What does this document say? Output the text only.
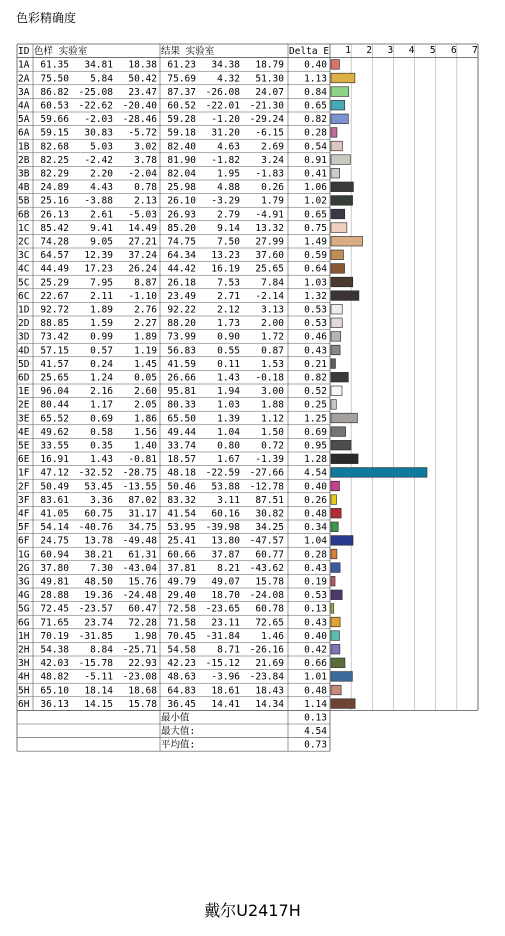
色彩精确度
ID 色样 实验室	结果 实验室	Delta E 1 2 3 4 5 6 7
1A 61.35 34.81 18.38 61.23 34.38 18.79 0.40
2A 75.50 5.84 50.42 75.69 4.32 51.30 1.13
3A 86.82 -25.08 23.47 87.37 -26.08 24.07 0.84
4A 60.53 -22.62 -20.40 60.52 -22.01 -21.30 0.65
5A 59.66 -2.03 -28.46 59.28 -1.20 -29.24 0.82
6A 59.15 30.83 -5.72 59.18 31.20 -6.15 0.28
1B 82.68 5.03 3.02 82.40 4.63 2.69 0.54
2B 82.25 -2.42 3.78 81.90 -1.82 3.24 0.91
3B 82.29 2.20 -2.04 82.04 1.95 -1.83 0.41
4B 24.89 4.43 0.78 25.98 4.88 0.26 1.06
5B 25.16 -3.88 2.13 26.10 -3.29 1.79 1.02
6B 26.13 2.61 -5.03 26.93 2.79 -4.91 0.65
1C 85.42 9.41 14.49 85.20 9.14 13.32 0.75
2C 74.28 9.05 27.21 74.75 7.50 27.99 1.49
3C 64.57 12.39 37.24 64.34 13.23 37.60 0.59
4C 44.49 17.23 26.24 44.42 16.19 25.65 0.64
5C 25.29 7.95 8.87 26.18 7.53 7.84 1.03
6C 22.67 2.11 -1.10 23.49 2.71 -2.14 1.32
1D 92.72 1.89 2.76 92.22 2.12 3.13 0.53
2D 88.85 1.59 2.27 88.20 1.73 2.00 0.53
3D 73.42 0.99 1.89 73.99 0.90 1.72 0.46
4D 57.15 0.57 1.19 56.83 0.55 0.87 0.43
5D 41.57 0.24 1.45 41.59 0.11 1.53 0.21
6D 25.65 1.24 0.05 26.66 1.43 -0.18 0.82
1E 96.04 2.16 2.60 95.81 1.94 3.00 0.52
2E 80.44 1.17 2.05 80.33 1.03 1.88 0.25
3E 65.52 0.69 1.86 65.50 1.39 1.12 1.25
4E 49.62 0.58 1.56 49.44 1.04 1.50 0.69
5E 33.55 0.35 1.40 33.74 0.80 0.72 0.95
6E 16.91 1.43 -0.81 18.57 1.67 -1.39 1.28
1F 47.12 -32.52 -28.75 48.18 -22.59 -27.66 4.54
2F 50.49 53.45 -13.55 50.46 53.88 -12.78 0.40
3F 83.61 3.36 87.02 83.32 3.11 87.51 0.26
4F 41.05 60.75 31.17 41.54 60.16 30.82 0.48
5F 54.14 -40.76 34.75 53.95 -39.98 34.25 0.34
6F 24.75 13.78 -49.48 25.41 13.80 -47.57 1.04
1G 60.94 38.21 61.31 60.66 37.87 60.77 0.28
2G 37.80 7.30 -43.04 37.81 8.21 -43.62 0.43
3G 49.81 48.50 15.76 49.79 49.07 15.78 0.19
4G 28.88 19.36 -24.48 29.40 18.70 -24.08 0.53
5G 72.45 -23.57 60.47 72.58 -23.65 60.78 0.13
6G 71.65 23.74 72.28 71.58 23.11 72.65 0.43
1H 70.19 -31.85 1.98 70.45 -31.84 1.46 0.40
2H 54.38 8.84 -25.71 54.58 8.71 -26.16 0.42
3H 42.03 -15.78 22.93 42.23 -15.12 21.69 0.66
4H 48.82 -5.11 -23.08 48.63 -3.96 -23.84 1.01
5H 65.10 18.14 18.68 64.83 18.61 18.43 0.48
6H 36.13 14.15 15.78 36.45 14.41 14.34 1.14
最小值	0.13
最大值:	4.54
平均值:	0.73
戴尔U2417H
